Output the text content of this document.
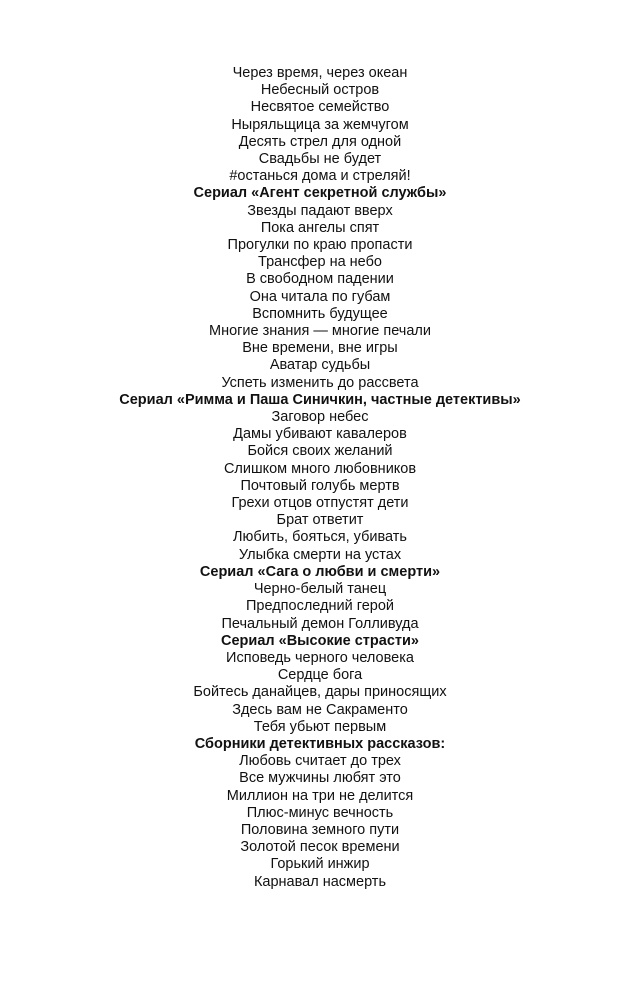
Через время, через океан
Небесный остров
Несвятое семейство
Ныряльщица за жемчугом
Десять стрел для одной
Свадьбы не будет
#останься дома и стреляй!
Сериал «Агент секретной службы»
Звезды падают вверх
Пока ангелы спят
Прогулки по краю пропасти
Трансфер на небо
В свободном падении
Она читала по губам
Вспомнить будущее
Многие знания — многие печали
Вне времени, вне игры
Аватар судьбы
Успеть изменить до рассвета
Сериал «Римма и Паша Синичкин, частные детективы»
Заговор небес
Дамы убивают кавалеров
Бойся своих желаний
Слишком много любовников
Почтовый голубь мертв
Грехи отцов отпустят дети
Брат ответит
Любить, бояться, убивать
Улыбка смерти на устах
Сериал «Сага о любви и смерти»
Черно-белый танец
Предпоследний герой
Печальный демон Голливуда
Сериал «Высокие страсти»
Исповедь черного человека
Сердце бога
Бойтесь данайцев, дары приносящих
Здесь вам не Сакраменто
Тебя убьют первым
Сборники детективных рассказов:
Любовь считает до трех
Все мужчины любят это
Миллион на три не делится
Плюс-минус вечность
Половина земного пути
Золотой песок времени
Горький инжир
Карнавал насмерть
